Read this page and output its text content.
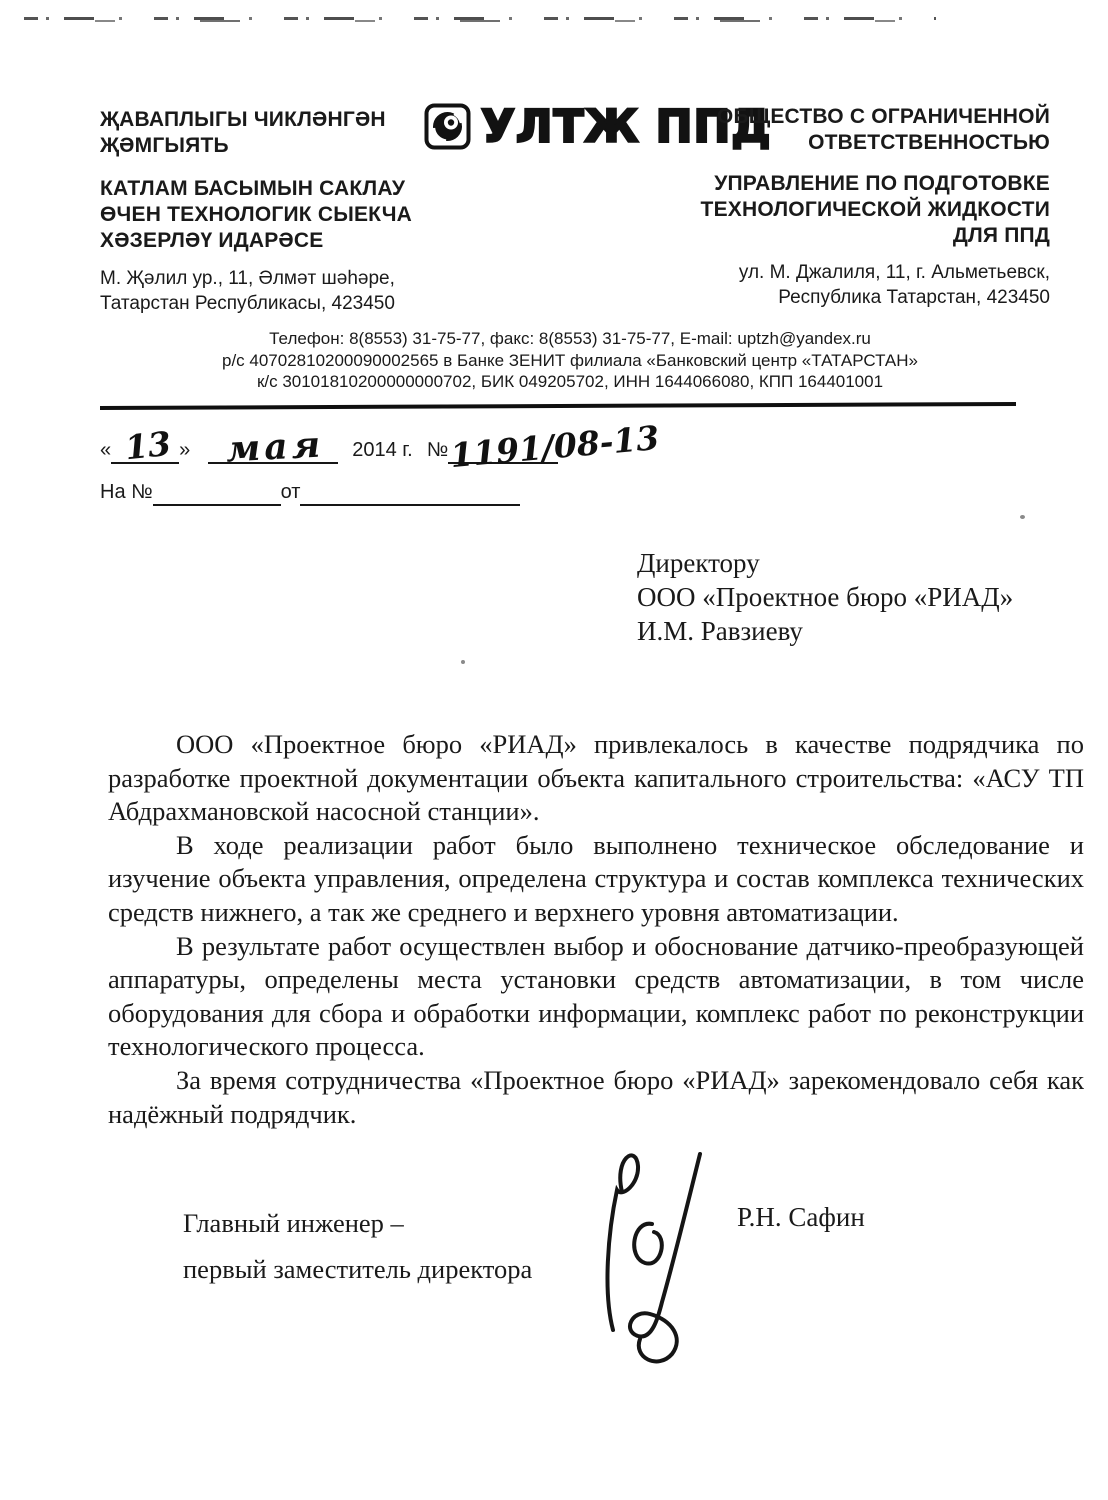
ҖАВАПЛЫГЫ ЧИКЛӘНГӘН ҖӘМГЫЯТЬ
КАТЛАМ БАСЫМЫН САКЛАУ ӨЧЕН ТЕХНОЛОГИК СЫЕКЧА ХӘЗЕРЛӘҮ ИДАРӘСЕ
М. Җәлил ур., 11, Әлмәт шәһәре,
Татарстан Республикасы, 423450
УЛТЖ ППД
ОБЩЕСТВО С ОГРАНИЧЕННОЙ ОТВЕТСТВЕННОСТЬЮ
УПРАВЛЕНИЕ ПО ПОДГОТОВКЕ ТЕХНОЛОГИЧЕСКОЙ ЖИДКОСТИ ДЛЯ ППД
ул. М. Джалиля, 11, г. Альметьевск,
Республика Татарстан, 423450
Телефон: 8(8553) 31-75-77, факс: 8(8553) 31-75-77, E-mail: uptzh@yandex.ru
р/с 40702810200090002565 в Банке ЗЕНИТ филиала «Банковский центр «ТАТАРСТАН»
к/с 30101810200000000702, БИК 049205702, ИНН 1644066080, КПП 164401001
« 13 » мая 2014 г. № 1191/08-13
На №	от
Директору
ООО «Проектное бюро «РИАД»
И.М. Равзиеву

ООО «Проектное бюро «РИАД» привлекалось в качестве подрядчика по разработке проектной документации объекта капитального строительства: «АСУ ТП Абдрахмановской насосной станции».

В ходе реализации работ было выполнено техническое обследование и изучение объекта управления, определена структура и состав комплекса технических средств нижнего, а так же среднего и верхнего уровня автоматизации.

В результате работ осуществлен выбор и обоснование датчико-преобразующей аппаратуры, определены места установки средств автоматизации, в том числе оборудования для сбора и обработки информации, комплекс работ по реконструкции технологического процесса.

За время сотрудничества «Проектное бюро «РИАД» зарекомендовало себя как надёжный подрядчик.

Главный инженер –
первый заместитель директора
Р.Н. Сафин
